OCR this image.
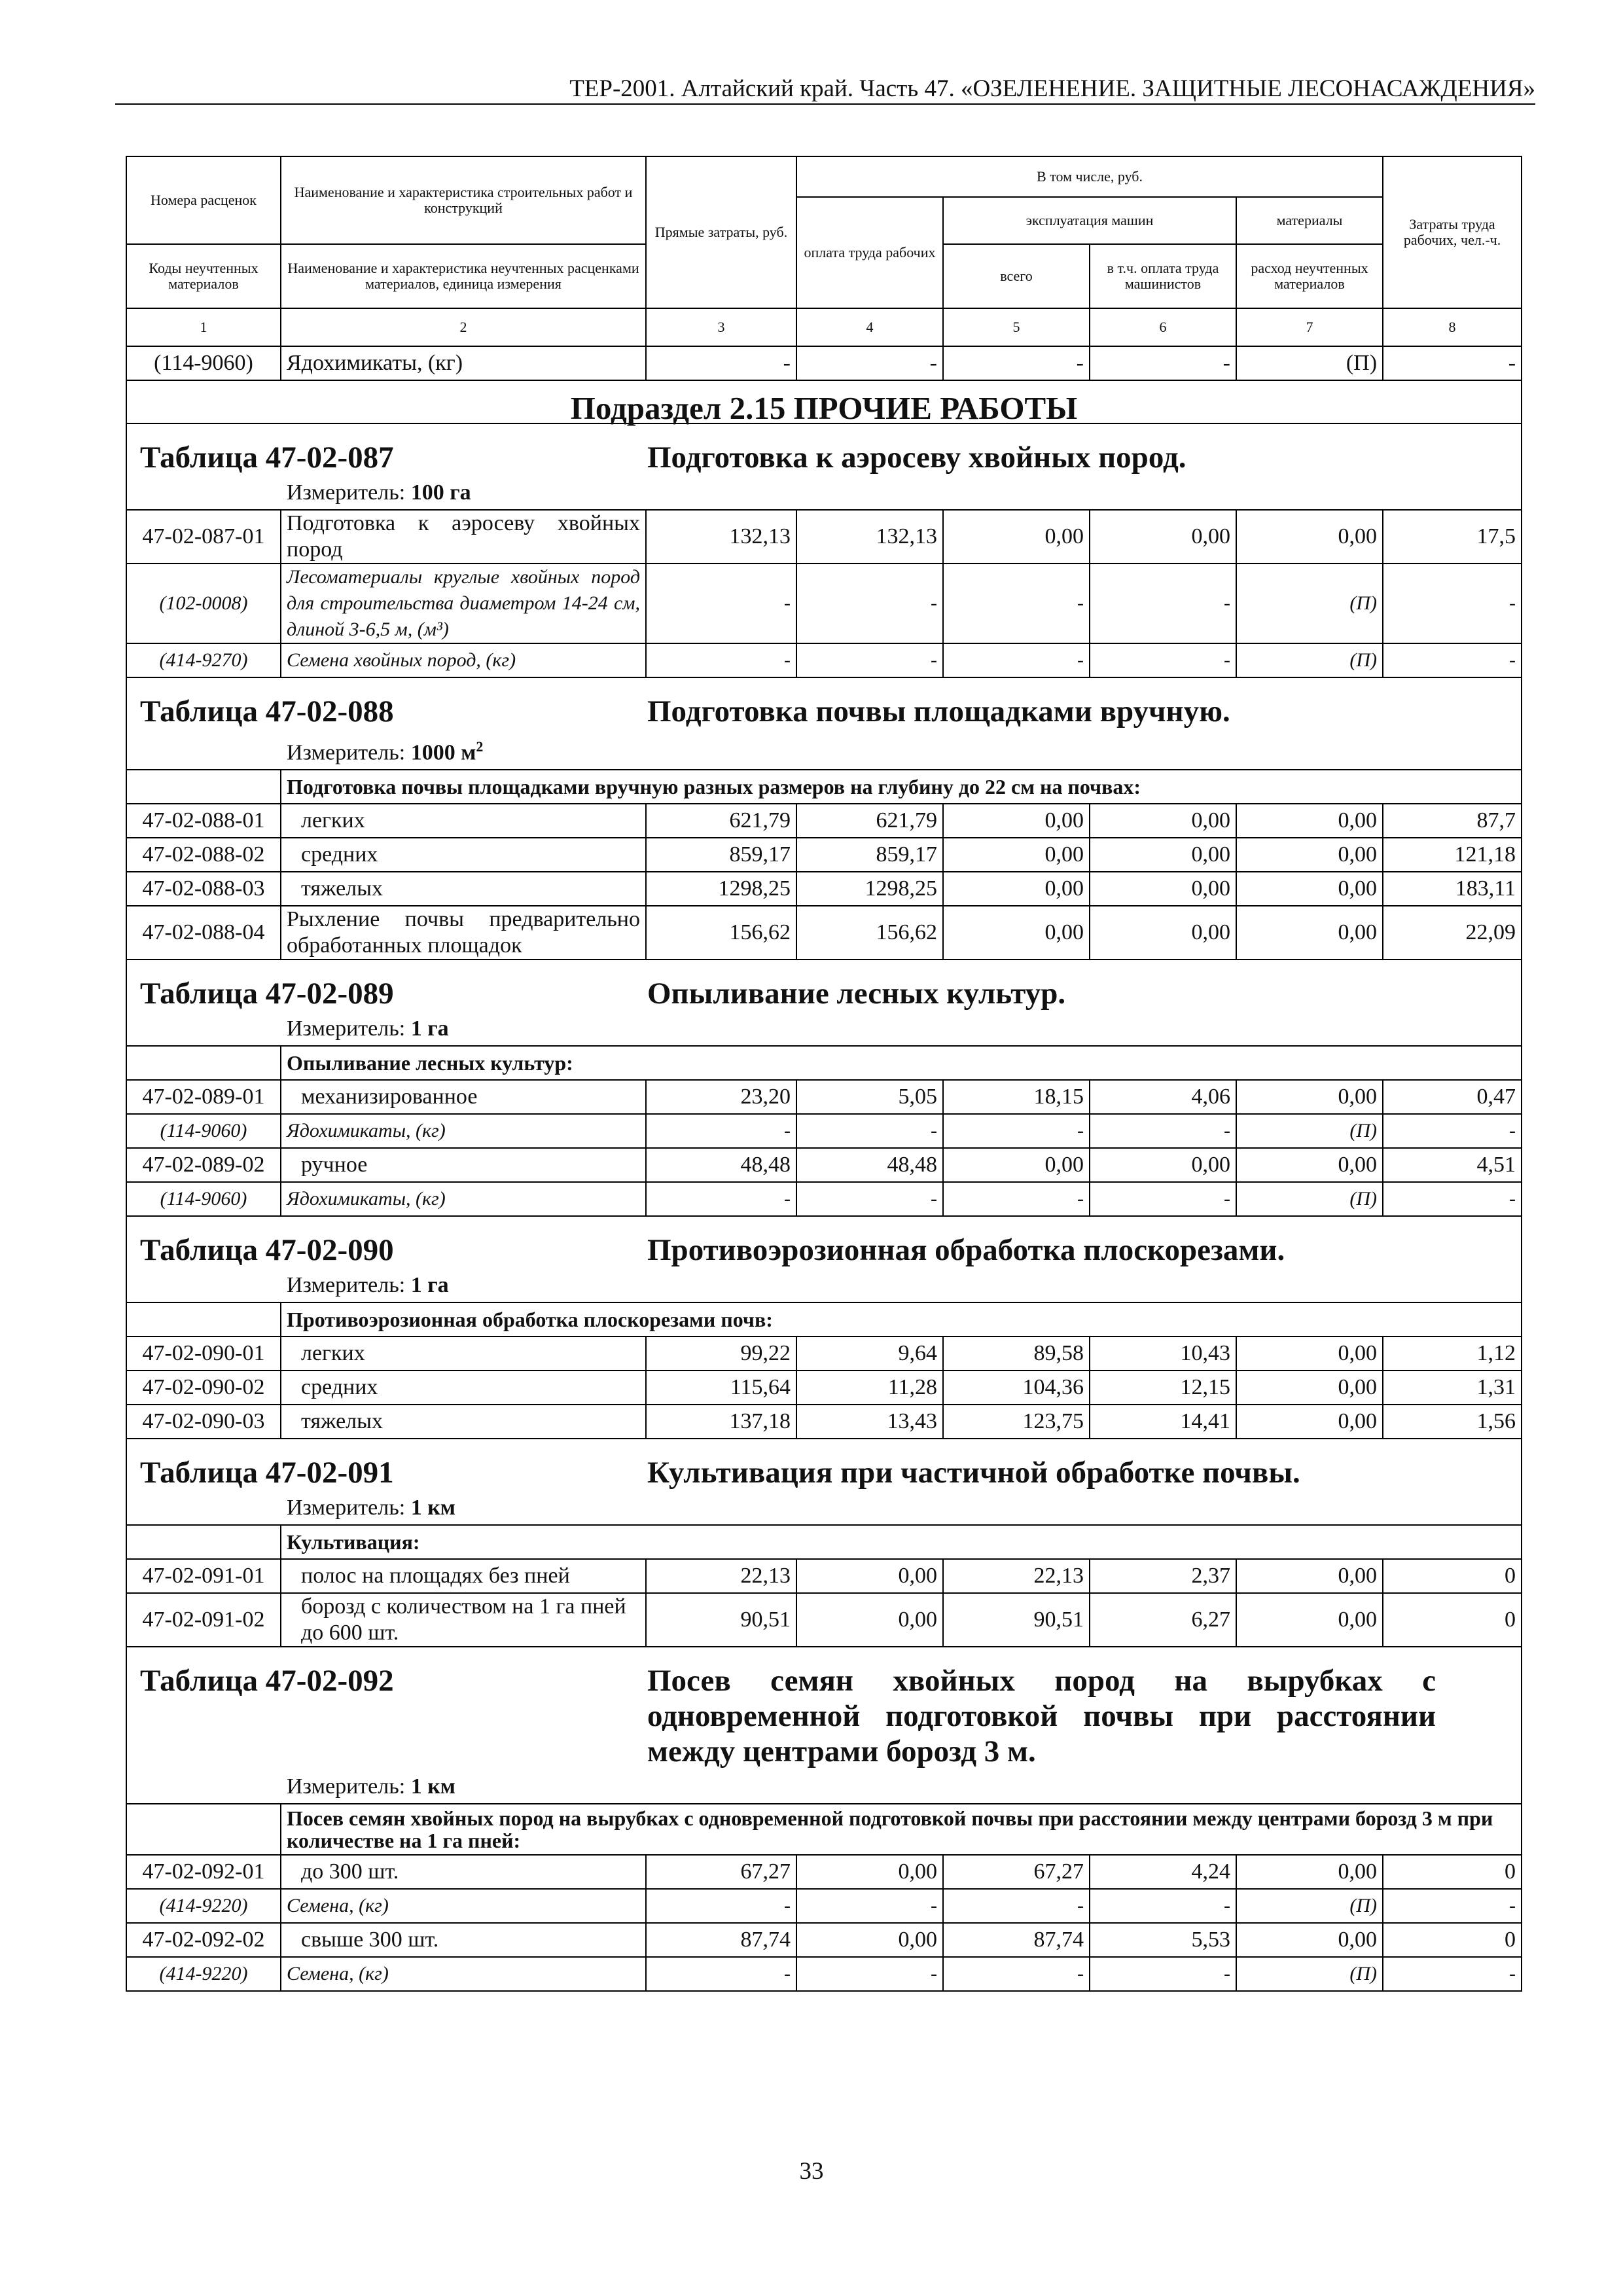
ТЕР-2001. Алтайский край. Часть 47. «ОЗЕЛЕНЕНИЕ. ЗАЩИТНЫЕ ЛЕСОНАСАЖДЕНИЯ»
Номера расценок	Наименование и характеристика строительных работ и конструкций	Прямые затраты, руб.	В том числе, руб.				Затраты труда рабочих, чел.-ч.
			оплата труда рабочих	эксплуатация машин		материалы	
Коды неучтенных материалов	Наименование и характеристика неучтенных расценками материалов, единица измерения			всего	в т.ч. оплата труда машинистов	расход неучтенных материалов	
1	2	3	4	5	6	7	8
(114-9060)	Ядохимикаты, (кг)	-	-	-	-	(П)	-

Подраздел 2.15 ПРОЧИЕ РАБОТЫ							

Таблица 47-02-087 Подготовка к аэросеву хвойных пород.
Измеритель: 100 га							

47-02-087-01	Подготовка к аэросеву хвойных пород	132,13	132,13	0,00	0,00	0,00	17,5
(102-0008)	Лесоматериалы круглые хвойных пород для строительства диаметром 14-24 см, длиной 3-6,5 м, (м³)	-	-	-	-	(П)	-
(414-9270)	Семена хвойных пород, (кг)	-	-	-	-	(П)	-

Таблица 47-02-088 Подготовка почвы площадками вручную.
Измеритель: 1000 $м^2$

	Подготовка почвы площадками вручную разных размеров на глубину до 22 см на почвах:						
47-02-088-01	легких	621,79	621,79	0,00	0,00	0,00	87,7
47-02-088-02	средних	859,17	859,17	0,00	0,00	0,00	121,18
47-02-088-03	тяжелых	1298,25	1298,25	0,00	0,00	0,00	183,11
47-02-088-04	Рыхление почвы предварительно обработанных площадок	156,62	156,62	0,00	0,00	0,00	22,09

Таблица 47-02-089 Опыливание лесных культур.
Измеритель: 1 га							

	Опыливание лесных культур:						
47-02-089-01	механизированное	23,20	5,05	18,15	4,06	0,00	0,47
(114-9060)	Ядохимикаты, (кг)	-	-	-	-	(П)	-
47-02-089-02	ручное	48,48	48,48	0,00	0,00	0,00	4,51
(114-9060)	Ядохимикаты, (кг)	-	-	-	-	(П)	-

Таблица 47-02-090 Противоэрозионная обработка плоскорезами.
Измеритель: 1 га							

	Противоэрозионная обработка плоскорезами почв:						
47-02-090-01	легких	99,22	9,64	89,58	10,43	0,00	1,12
47-02-090-02	средних	115,64	11,28	104,36	12,15	0,00	1,31
47-02-090-03	тяжелых	137,18	13,43	123,75	14,41	0,00	1,56

Таблица 47-02-091 Культивация при частичной обработке почвы.
Измеритель: 1 км							

	Культивация:						
47-02-091-01	полос на площадях без пней	22,13	0,00	22,13	2,37	0,00	0
47-02-091-02	борозд с количеством на 1 га пней до 600 шт.	90,51	0,00	90,51	6,27	0,00	0

Таблица 47-02-092 Посев семян хвойных пород на вырубках с одновременной подготовкой почвы при расстоянии между центрами борозд 3 м.
Измеритель: 1 км							

	Посев семян хвойных пород на вырубках с одновременной подготовкой почвы при расстоянии между центрами борозд 3 м при количестве на 1 га пней:						
47-02-092-01	до 300 шт.	67,27	0,00	67,27	4,24	0,00	0
(414-9220)	Семена, (кг)	-	-	-	-	(П)	-
47-02-092-02	свыше 300 шт.	87,74	0,00	87,74	5,53	0,00	0
(414-9220)	Семена, (кг)	-	-	-	-	(П)	-
33
